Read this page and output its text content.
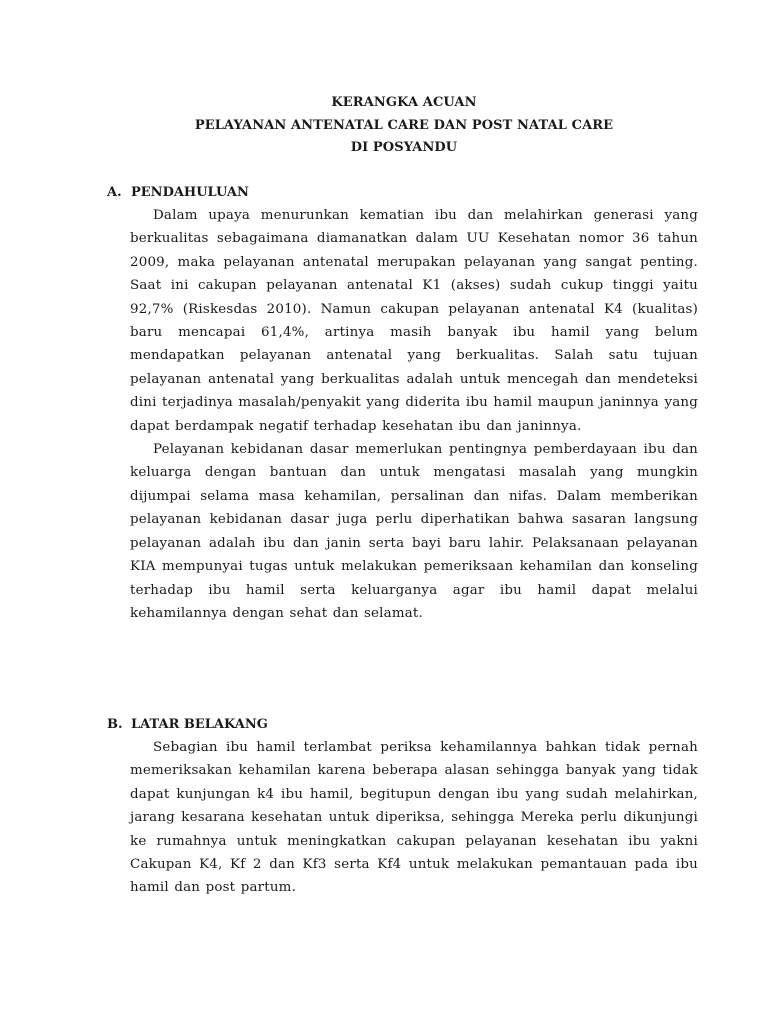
KERANGKA ACUAN
PELAYANAN ANTENATAL CARE DAN POST NATAL CARE
DI POSYANDU
A. PENDAHULUAN

Dalam upaya menurunkan kematian ibu dan melahirkan generasi yang berkualitas sebagaimana diamanatkan dalam UU Kesehatan nomor 36 tahun 2009, maka pelayanan antenatal merupakan pelayanan yang sangat penting. Saat ini cakupan pelayanan antenatal K1 (akses) sudah cukup tinggi yaitu 92,7% (Riskesdas 2010). Namun cakupan pelayanan antenatal K4 (kualitas) baru mencapai 61,4%, artinya masih banyak ibu hamil yang belum mendapatkan pelayanan antenatal yang berkualitas. Salah satu tujuan pelayanan antenatal yang berkualitas adalah untuk mencegah dan mendeteksi dini terjadinya masalah/penyakit yang diderita ibu hamil maupun janinnya yang dapat berdampak negatif terhadap kesehatan ibu dan janinnya.

Pelayanan kebidanan dasar memerlukan pentingnya pemberdayaan ibu dan keluarga dengan bantuan dan untuk mengatasi masalah yang mungkin dijumpai selama masa kehamilan, persalinan dan nifas. Dalam memberikan pelayanan kebidanan dasar juga perlu diperhatikan bahwa sasaran langsung pelayanan adalah ibu dan janin serta bayi baru lahir. Pelaksanaan pelayanan KIA mempunyai tugas untuk melakukan pemeriksaan kehamilan dan konseling terhadap ibu hamil serta keluarganya agar ibu hamil dapat melalui kehamilannya dengan sehat dan selamat.

B. LATAR BELAKANG

Sebagian ibu hamil terlambat periksa kehamilannya bahkan tidak pernah memeriksakan kehamilan karena beberapa alasan sehingga banyak yang tidak dapat kunjungan k4 ibu hamil, begitupun dengan ibu yang sudah melahirkan, jarang kesarana kesehatan untuk diperiksa, sehingga Mereka perlu dikunjungi ke rumahnya untuk meningkatkan cakupan pelayanan kesehatan ibu yakni Cakupan K4, Kf 2 dan Kf3 serta Kf4 untuk melakukan pemantauan pada ibu hamil dan post partum.
